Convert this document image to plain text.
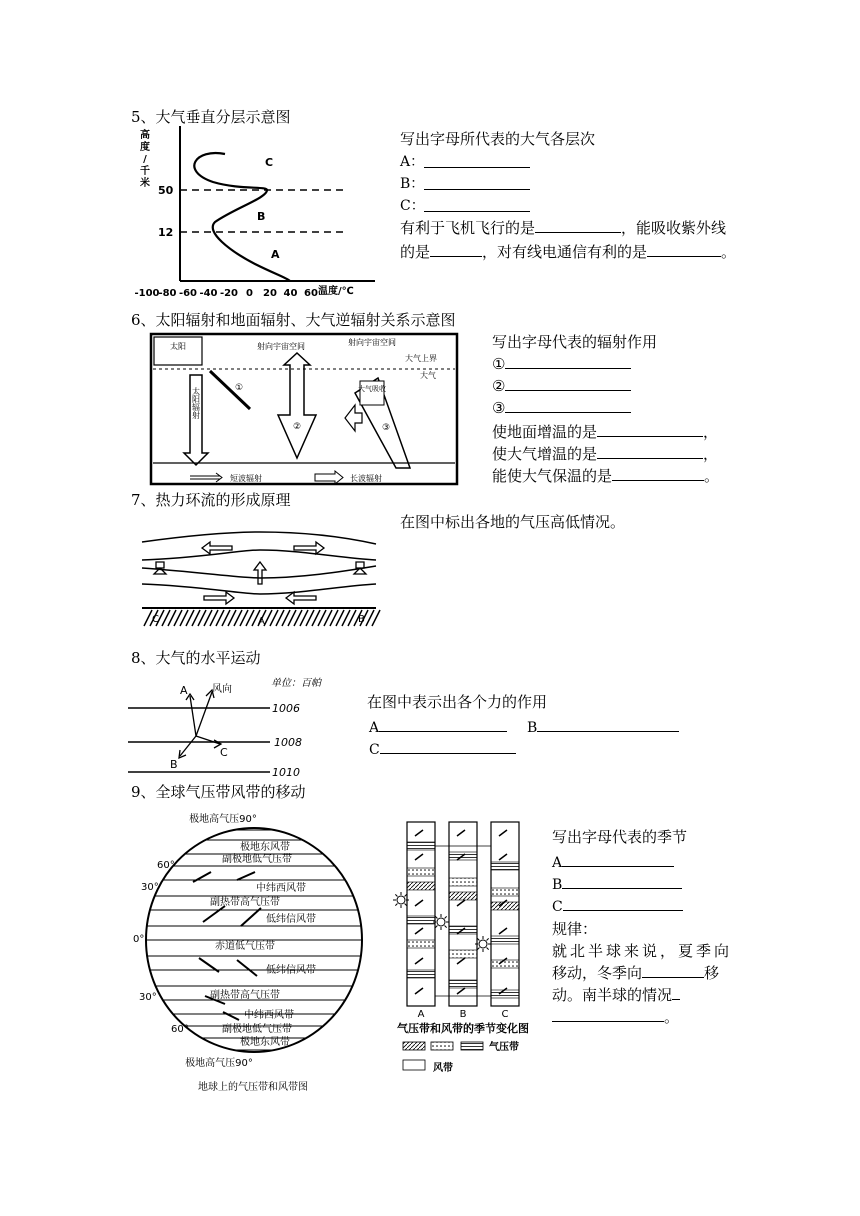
5、大气垂直分层示意图
高
度
/
千
米
50
12
C
B
A
-100
-80 -60 -40 -20 0 20 40 60 温度/℃
写出字母所代表的大气各层次
A：
B：
C：
有利于飞机飞行的是	，能吸收紫外线
的是	，对有线电通信有利的是	。
6、太阳辐射和地面辐射、大气逆辐射关系示意图
太阳
太阳辐射	①
射向宇宙空间
②
射向宇宙空间
大气上界
大气
③
大气吸收
短波辐射	长波辐射
写出字母代表的辐射作用
①
②
③
使地面增温的是	，
使大气增温的是	，
能使大气保温的是	。
7、热力环流的形成原理
在图中标出各地的气压高低情况。
C	A	B
8、大气的水平运动
单位：百帕
1006
1008
1010
A 风向
B
C
在图中表示出各个力的作用
A	B
C
9、全球气压带风带的移动
极地高气压90°
极地东风带
副极地低气压带
中纬西风带
副热带高气压带
低纬信风带
赤道低气压带
低纬信风带
副热带高气压带
中纬西风带
副极地低气压带
极地东风带
极地高气压90°
60°
30°
0°
30°
60°
地球上的气压带和风带图
A	B	C
气压带和风带的季节变化图
气压带
风带
写出字母代表的季节
A
B
C
规律：
就北半球来说，夏季向
移动，冬季向	移
动。南半球的情况
。
